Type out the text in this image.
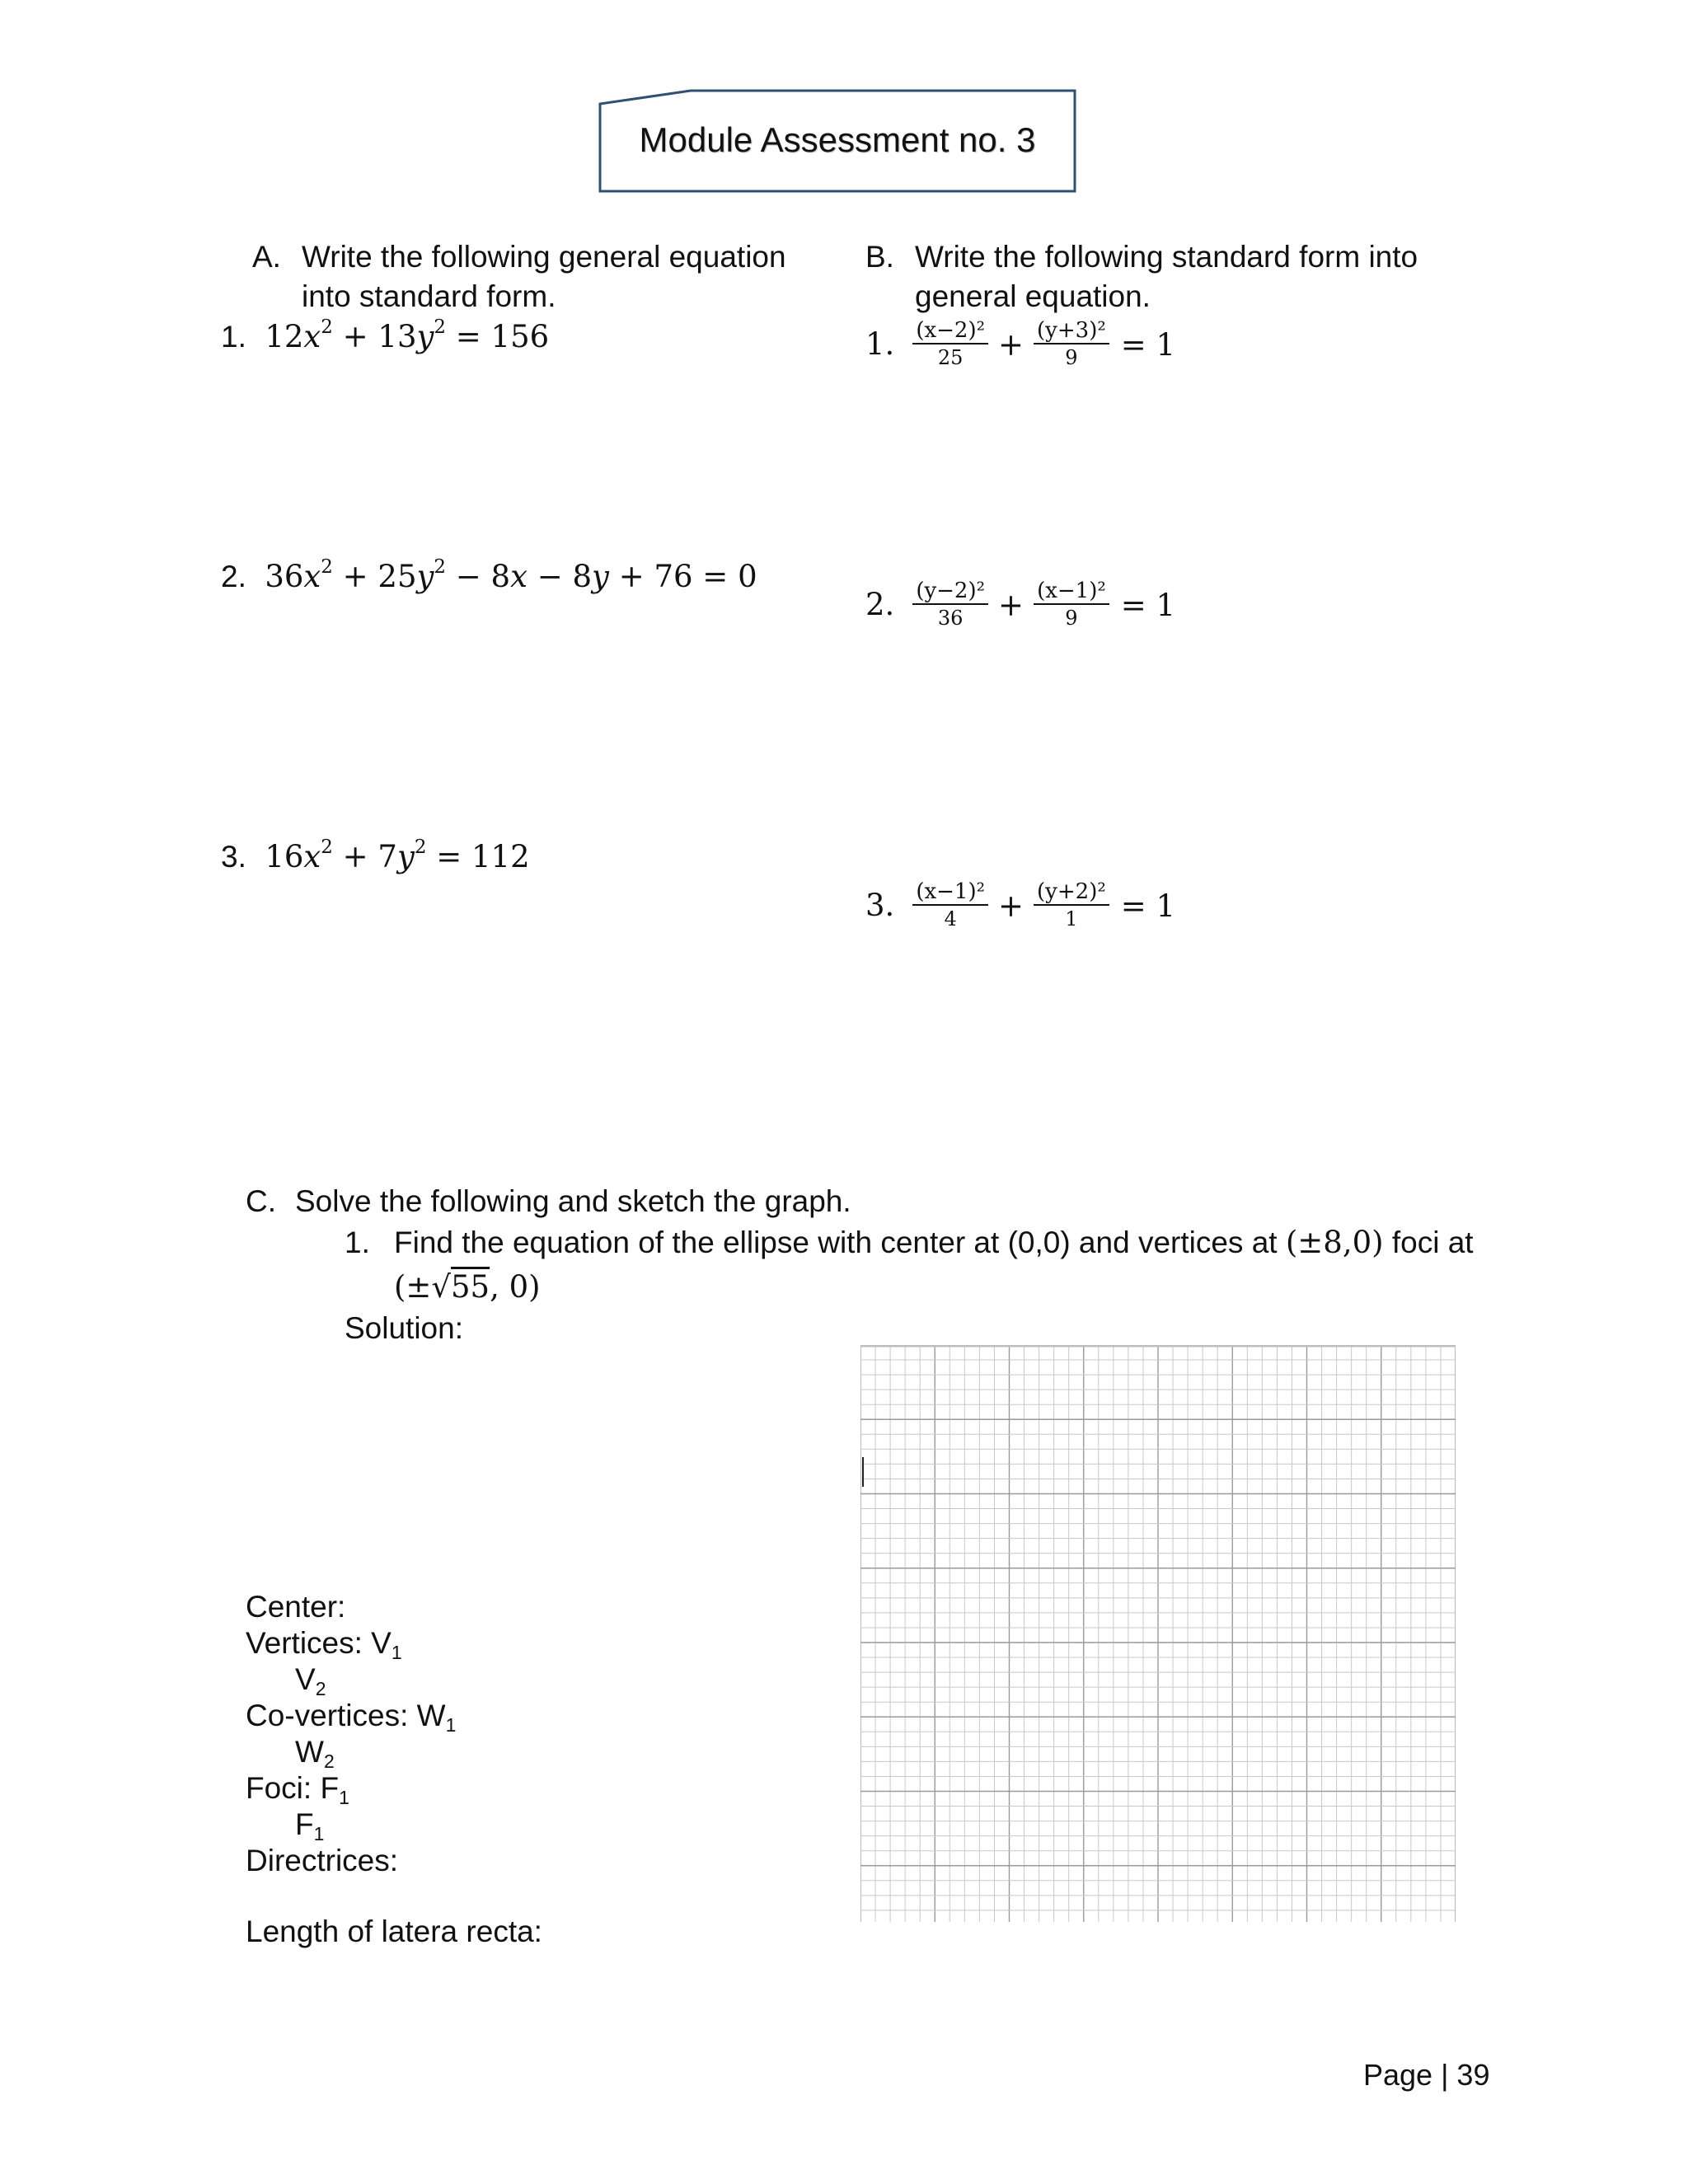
Module Assessment no. 3
A. Write the following general equation
into standard form.
1. $12x^2 + 13y^2 = 156$
2. $36x^2 + 25y^2 - 8x - 8y + 76 = 0$
3. $16x^2 + 7y^2 = 112$
B. Write the following standard form into
general equation.
1. $\frac{\text{(x−2)²}}{25} + \frac{\text{(y+3)²}}{9} = 1$
2. $\frac{\text{(y−2)²}}{36} + \frac{\text{(x−1)²}}{9} = 1$
3. $\frac{\text{(x−1)²}}{4} + \frac{\text{(y+2)²}}{1} = 1$
C. Solve the following and sketch the graph.
1. Find the equation of the ellipse with center at (0,0) and vertices at (±8,0) foci at
(±√55, 0)
Solution:
Center:
Vertices: $V_1$
$V_2$
Co-vertices: $W_1$
$W_2$
Foci: $F_1$
$F_1$
Directrices:
Length of latera recta:
Page | 39
